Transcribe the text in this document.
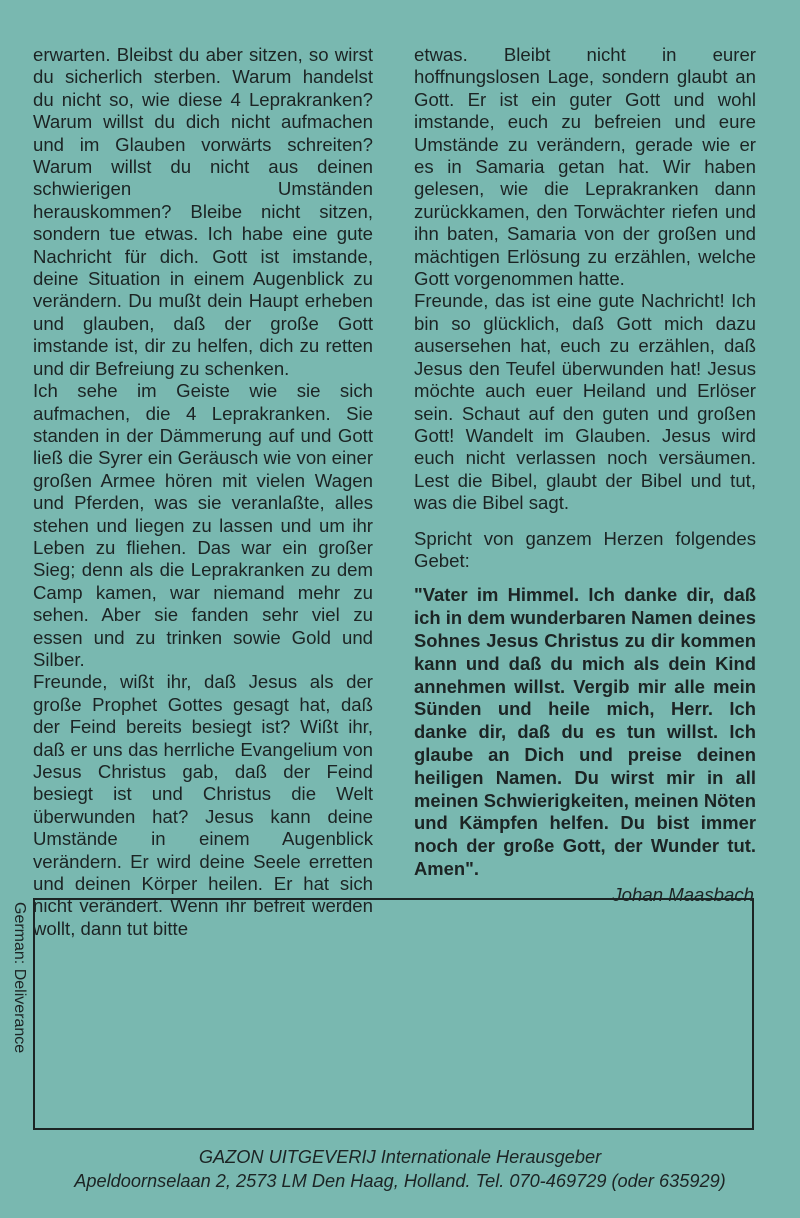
erwarten. Bleibst du aber sitzen, so wirst du sicherlich sterben. Warum handelst du nicht so, wie diese 4 Leprakranken? Warum willst du dich nicht aufmachen und im Glauben vorwärts schreiten? Warum willst du nicht aus deinen schwierigen Umständen herauskommen? Bleibe nicht sitzen, sondern tue etwas. Ich habe eine gute Nachricht für dich. Gott ist imstande, deine Situation in einem Augenblick zu verändern. Du mußt dein Haupt erheben und glauben, daß der große Gott imstande ist, dir zu helfen, dich zu retten und dir Befreiung zu schenken.

Ich sehe im Geiste wie sie sich aufmachen, die 4 Leprakranken. Sie standen in der Dämmerung auf und Gott ließ die Syrer ein Geräusch wie von einer großen Armee hören mit vielen Wagen und Pferden, was sie veranlaßte, alles stehen und liegen zu lassen und um ihr Leben zu fliehen. Das war ein großer Sieg; denn als die Leprakranken zu dem Camp kamen, war niemand mehr zu sehen. Aber sie fanden sehr viel zu essen und zu trinken sowie Gold und Silber.

Freunde, wißt ihr, daß Jesus als der große Prophet Gottes gesagt hat, daß der Feind bereits besiegt ist? Wißt ihr, daß er uns das herrliche Evangelium von Jesus Christus gab, daß der Feind besiegt ist und Christus die Welt überwunden hat? Jesus kann deine Umstände in einem Augenblick verändern. Er wird deine Seele erretten und deinen Körper heilen. Er hat sich nicht verändert. Wenn ihr befreit werden wollt, dann tut bitte

etwas. Bleibt nicht in eurer hoffnungslosen Lage, sondern glaubt an Gott. Er ist ein guter Gott und wohl imstande, euch zu befreien und eure Umstände zu verändern, gerade wie er es in Samaria getan hat. Wir haben gelesen, wie die Leprakranken dann zurückkamen, den Torwächter riefen und ihn baten, Samaria von der großen und mächtigen Erlösung zu erzählen, welche Gott vorgenommen hatte.

Freunde, das ist eine gute Nachricht! Ich bin so glücklich, daß Gott mich dazu ausersehen hat, euch zu erzählen, daß Jesus den Teufel überwunden hat! Jesus möchte auch euer Heiland und Erlöser sein. Schaut auf den guten und großen Gott! Wandelt im Glauben. Jesus wird euch nicht verlassen noch versäumen. Lest die Bibel, glaubt der Bibel und tut, was die Bibel sagt.

Spricht von ganzem Herzen folgendes Gebet:

"Vater im Himmel. Ich danke dir, daß ich in dem wunderbaren Namen deines Sohnes Jesus Christus zu dir kommen kann und daß du mich als dein Kind annehmen willst. Vergib mir alle mein Sünden und heile mich, Herr. Ich danke dir, daß du es tun willst. Ich glaube an Dich und preise deinen heiligen Namen. Du wirst mir in all meinen Schwierigkeiten, meinen Nöten und Kämpfen helfen. Du bist immer noch der große Gott, der Wunder tut. Amen".

Johan Maasbach

German: Deliverance
GAZON UITGEVERIJ Internationale Herausgeber
Apeldoornselaan 2, 2573 LM Den Haag, Holland. Tel. 070-469729 (oder 635929)
